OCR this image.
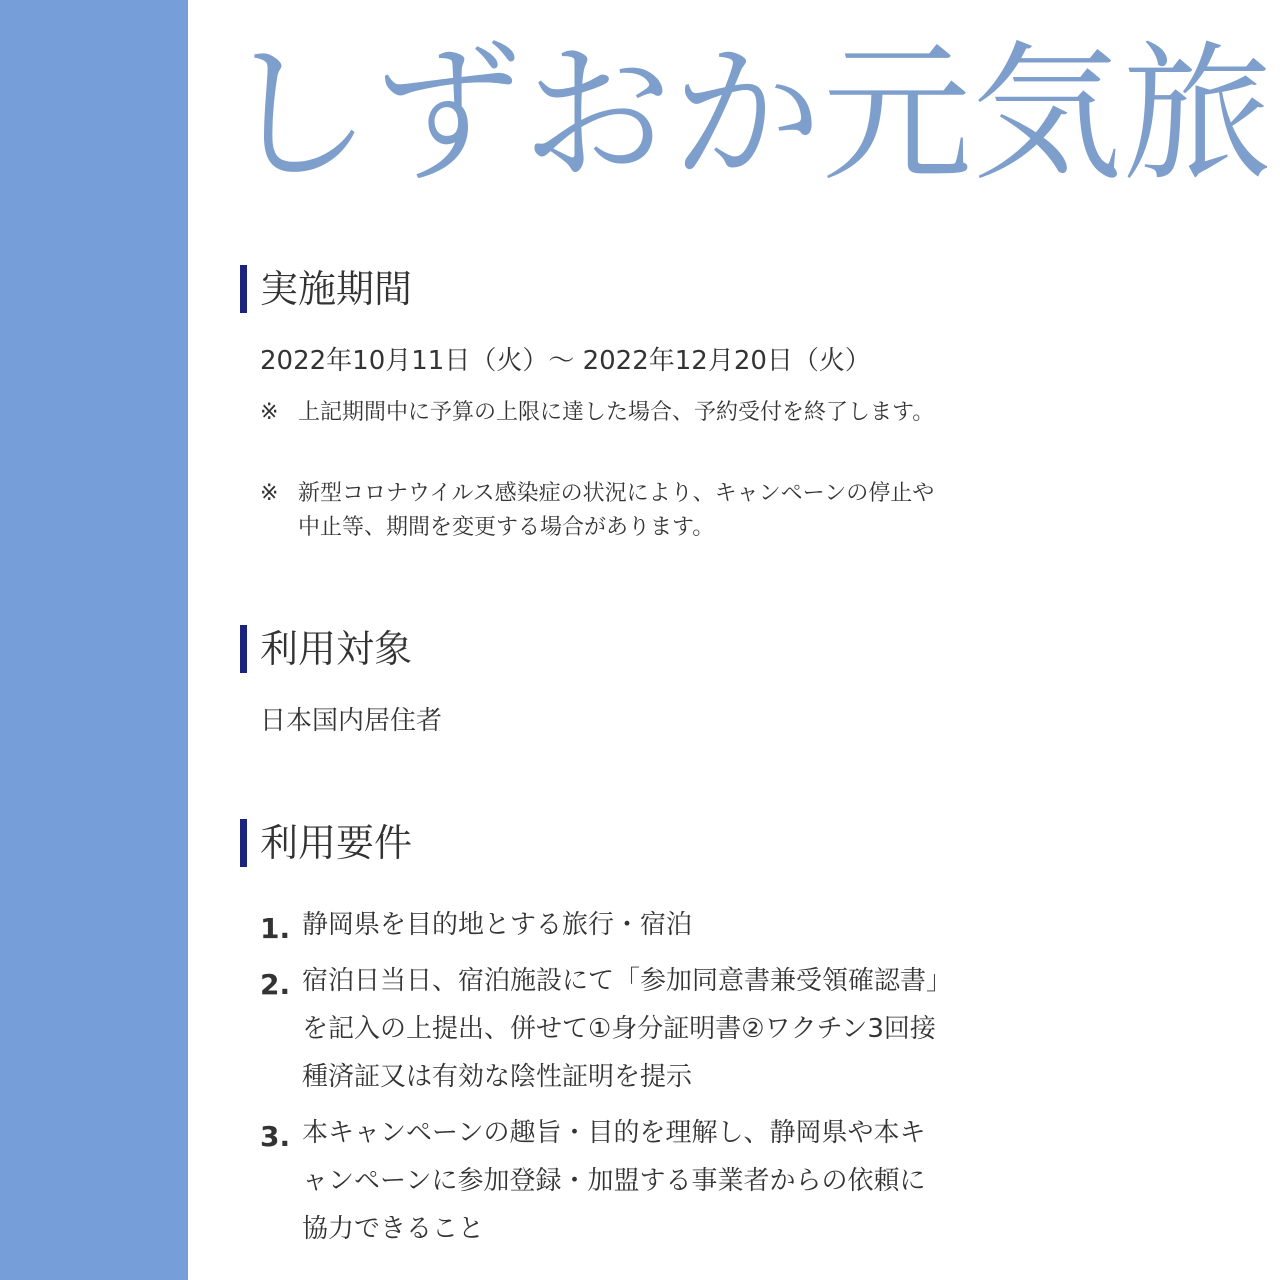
しずおか元気旅
実施期間
2022年10月11日（火）～ 2022年12月20日（火）
※ 上記期間中に予算の上限に達した場合、予約受付を終了します。
※ 新型コロナウイルス感染症の状況により、キャンペーンの停止や中止等、期間を変更する場合があります。
利用対象
日本国内居住者
利用要件
1. 静岡県を目的地とする旅行・宿泊
2. 宿泊日当日、宿泊施設にて「参加同意書兼受領確認書」を記入の上提出、併せて①身分証明書②ワクチン3回接種済証又は有効な陰性証明を提示
3. 本キャンペーンの趣旨・目的を理解し、静岡県や本キャンペーンに参加登録・加盟する事業者からの依頼に協力できること
